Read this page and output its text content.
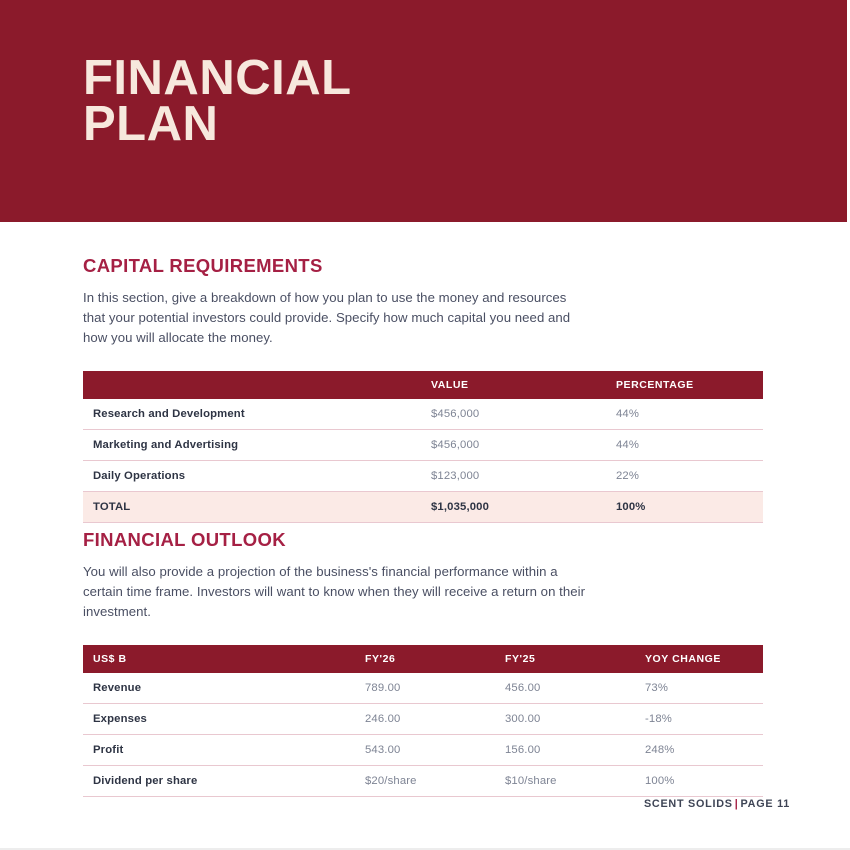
FINANCIAL
PLAN
CAPITAL REQUIREMENTS

In this section, give a breakdown of how you plan to use the money and resources that your potential investors could provide. Specify how much capital you need and how you will allocate the money.

	VALUE	PERCENTAGE
Research and Development	$456,000	44%
Marketing and Advertising	$456,000	44%
Daily Operations	$123,000	22%
TOTAL	$1,035,000	100%
FINANCIAL OUTLOOK

You will also provide a projection of the business's financial performance within a certain time frame. Investors will want to know when they will receive a return on their investment.

US$ B	FY'26	FY'25	YOY CHANGE
Revenue	789.00	456.00	73%
Expenses	246.00	300.00	-18%
Profit	543.00	156.00	248%
Dividend per share	$20/share	$10/share	100%
SCENT SOLIDS | PAGE 11
